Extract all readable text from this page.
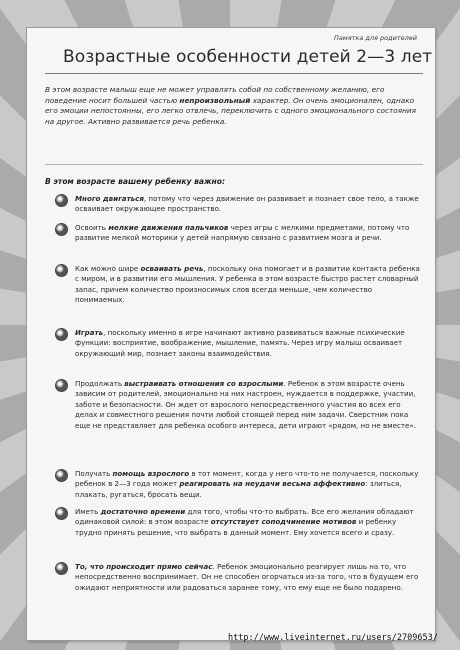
Памятка для родителей
Возрастные особенности детей 2—3 лет
В этом возрасте малыш еще не может управлять собой по собственному желанию, его поведение носит большей частью непроизвольный характер. Он очень эмоционален, однако его эмоции непостоянны, его легко отвлечь, переключить с одного эмоционального состояния на другое. Активно развивается речь ребенка.
В этом возрасте вашему ребенку важно:
Много двигаться, потому что через движение он развивает и познает свое тело, а также осваивает окружающее пространство.
Освоить мелкие движения пальчиков через игры с мелкими предметами, потому что развитие мелкой моторики у детей напрямую связано с развитием мозга и речи.
Как можно шире осваивать речь, поскольку она помогает и в развитии контакта ребенка с миром, и в развитии его мышления. У ребенка в этом возрасте быстро растет словарный запас, причем количество произносимых слов всегда меньше, чем количество понимаемых.
Играть, поскольку именно в игре начинают активно развиваться важные психические функции: восприятие, воображение, мышление, память. Через игру малыш осваивает окружающий мир, познает законы взаимодействия.
Продолжать выстраивать отношения со взрослыми. Ребенок в этом возрасте очень зависим от родителей, эмоционально на них настроен, нуждается в поддержке, участии, заботе и безопасности. Он ждет от взрослого непосредственного участия во всех его делах и совместного решения почти любой стоящей перед ним задачи. Сверстник пока еще не представляет для ребенка особого интереса, дети играют «рядом, но не вместе».
Получать помощь взрослого в тот момент, когда у него что-то не получается, поскольку ребенок в 2—3 года может реагировать на неудачи весьма аффективно: злиться, плакать, ругаться, бросать вещи.
Иметь достаточно времени для того, чтобы что-то выбрать. Все его желания обладают одинаковой силой: в этом возрасте отсутствует соподчинение мотивов и ребенку трудно принять решение, что выбрать в данный момент. Ему хочется всего и сразу.
То, что происходит прямо сейчас. Ребенок эмоционально реагирует лишь на то, что непосредственно воспринимает. Он не способен огорчаться из-за того, что в будущем его ожидают неприятности или радоваться заранее тому, что ему еще не было подарено.
http://www.liveinternet.ru/users/2709653/
